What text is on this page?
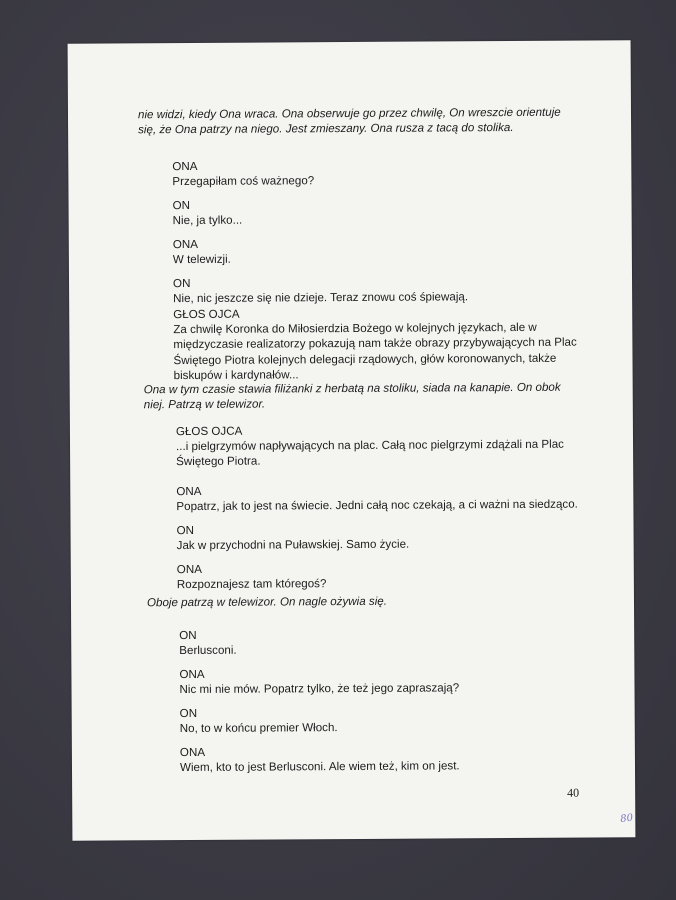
nie widzi, kiedy Ona wraca. Ona obserwuje go przez chwilę, On wreszcie orientuje
się, że Ona patrzy na niego. Jest zmieszany. Ona rusza z tacą do stolika.
ONA
Przegapiłam coś ważnego?
ON
Nie, ja tylko...
ONA
W telewizji.
ON
Nie, nic jeszcze się nie dzieje. Teraz znowu coś śpiewają.
GŁOS OJCA
Za chwilę Koronka do Miłosierdzia Bożego w kolejnych językach, ale w
międzyczasie realizatorzy pokazują nam także obrazy przybywających na Plac
Świętego Piotra kolejnych delegacji rządowych, głów koronowanych, także
biskupów i kardynałów...
Ona w tym czasie stawia filiżanki z herbatą na stoliku, siada na kanapie. On obok
niej. Patrzą w telewizor.
GŁOS OJCA
...i pielgrzymów napływających na plac. Całą noc pielgrzymi zdążali na Plac
Świętego Piotra.
ONA
Popatrz, jak to jest na świecie. Jedni całą noc czekają, a ci ważni na siedząco.
ON
Jak w przychodni na Puławskiej. Samo życie.
ONA
Rozpoznajesz tam któregoś?
Oboje patrzą w telewizor. On nagle ożywia się.
ON
Berlusconi.
ONA
Nic mi nie mów. Popatrz tylko, że też jego zapraszają?
ON
No, to w końcu premier Włoch.
ONA
Wiem, kto to jest Berlusconi. Ale wiem też, kim on jest.
40
80
